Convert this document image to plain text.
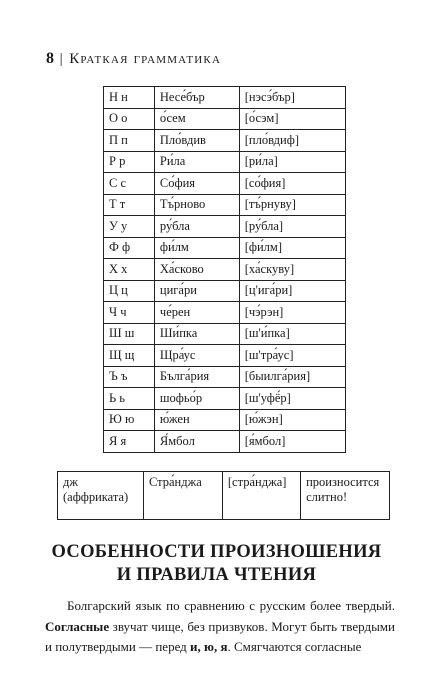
8 | Краткая грамматика
Н н	Несе́бър	[нэсэ́бър]
О о	о́сем	[о́сэм]
П п	Пло́вдив	[пло́вдиф]
Р р	Ри́ла	[ри́ла]
С с	Со́фия	[со́фия]
Т т	Тъ́рново	[тъ́рнуву]
У у	ру́бла	[ру́бла]
Ф ф	фи́лм	[фи́лм]
Х х	Ха́сково	[ха́скуву]
Ц ц	цига́ри	[ц'ига́ри]
Ч ч	че́рен	[чэ́рэн]
Ш ш	Ши́пка	[ш'и́пка]
Щ щ	Щра́ус	[ш'тра́ус]
Ъ ъ	Бълга́рия	[быилга́рия]
Ь ь	шофьо́р	[ш'уфё́р]
Ю ю	ю́жен	[ю́жэн]
Я я	Я́мбол	[я́мбол]
дж
(аффриката)	Стра́нджа	[стра́нджа]	произносится слитно!
ОСОБЕННОСТИ ПРОИЗНОШЕНИЯ
И ПРАВИЛА ЧТЕНИЯ

Болгарский язык по сравнению с русским более твердый. Согласные звучат чище, без призвуков. Могут быть твердыми и полутвердыми — перед и, ю, я. Смягчаются согласные
